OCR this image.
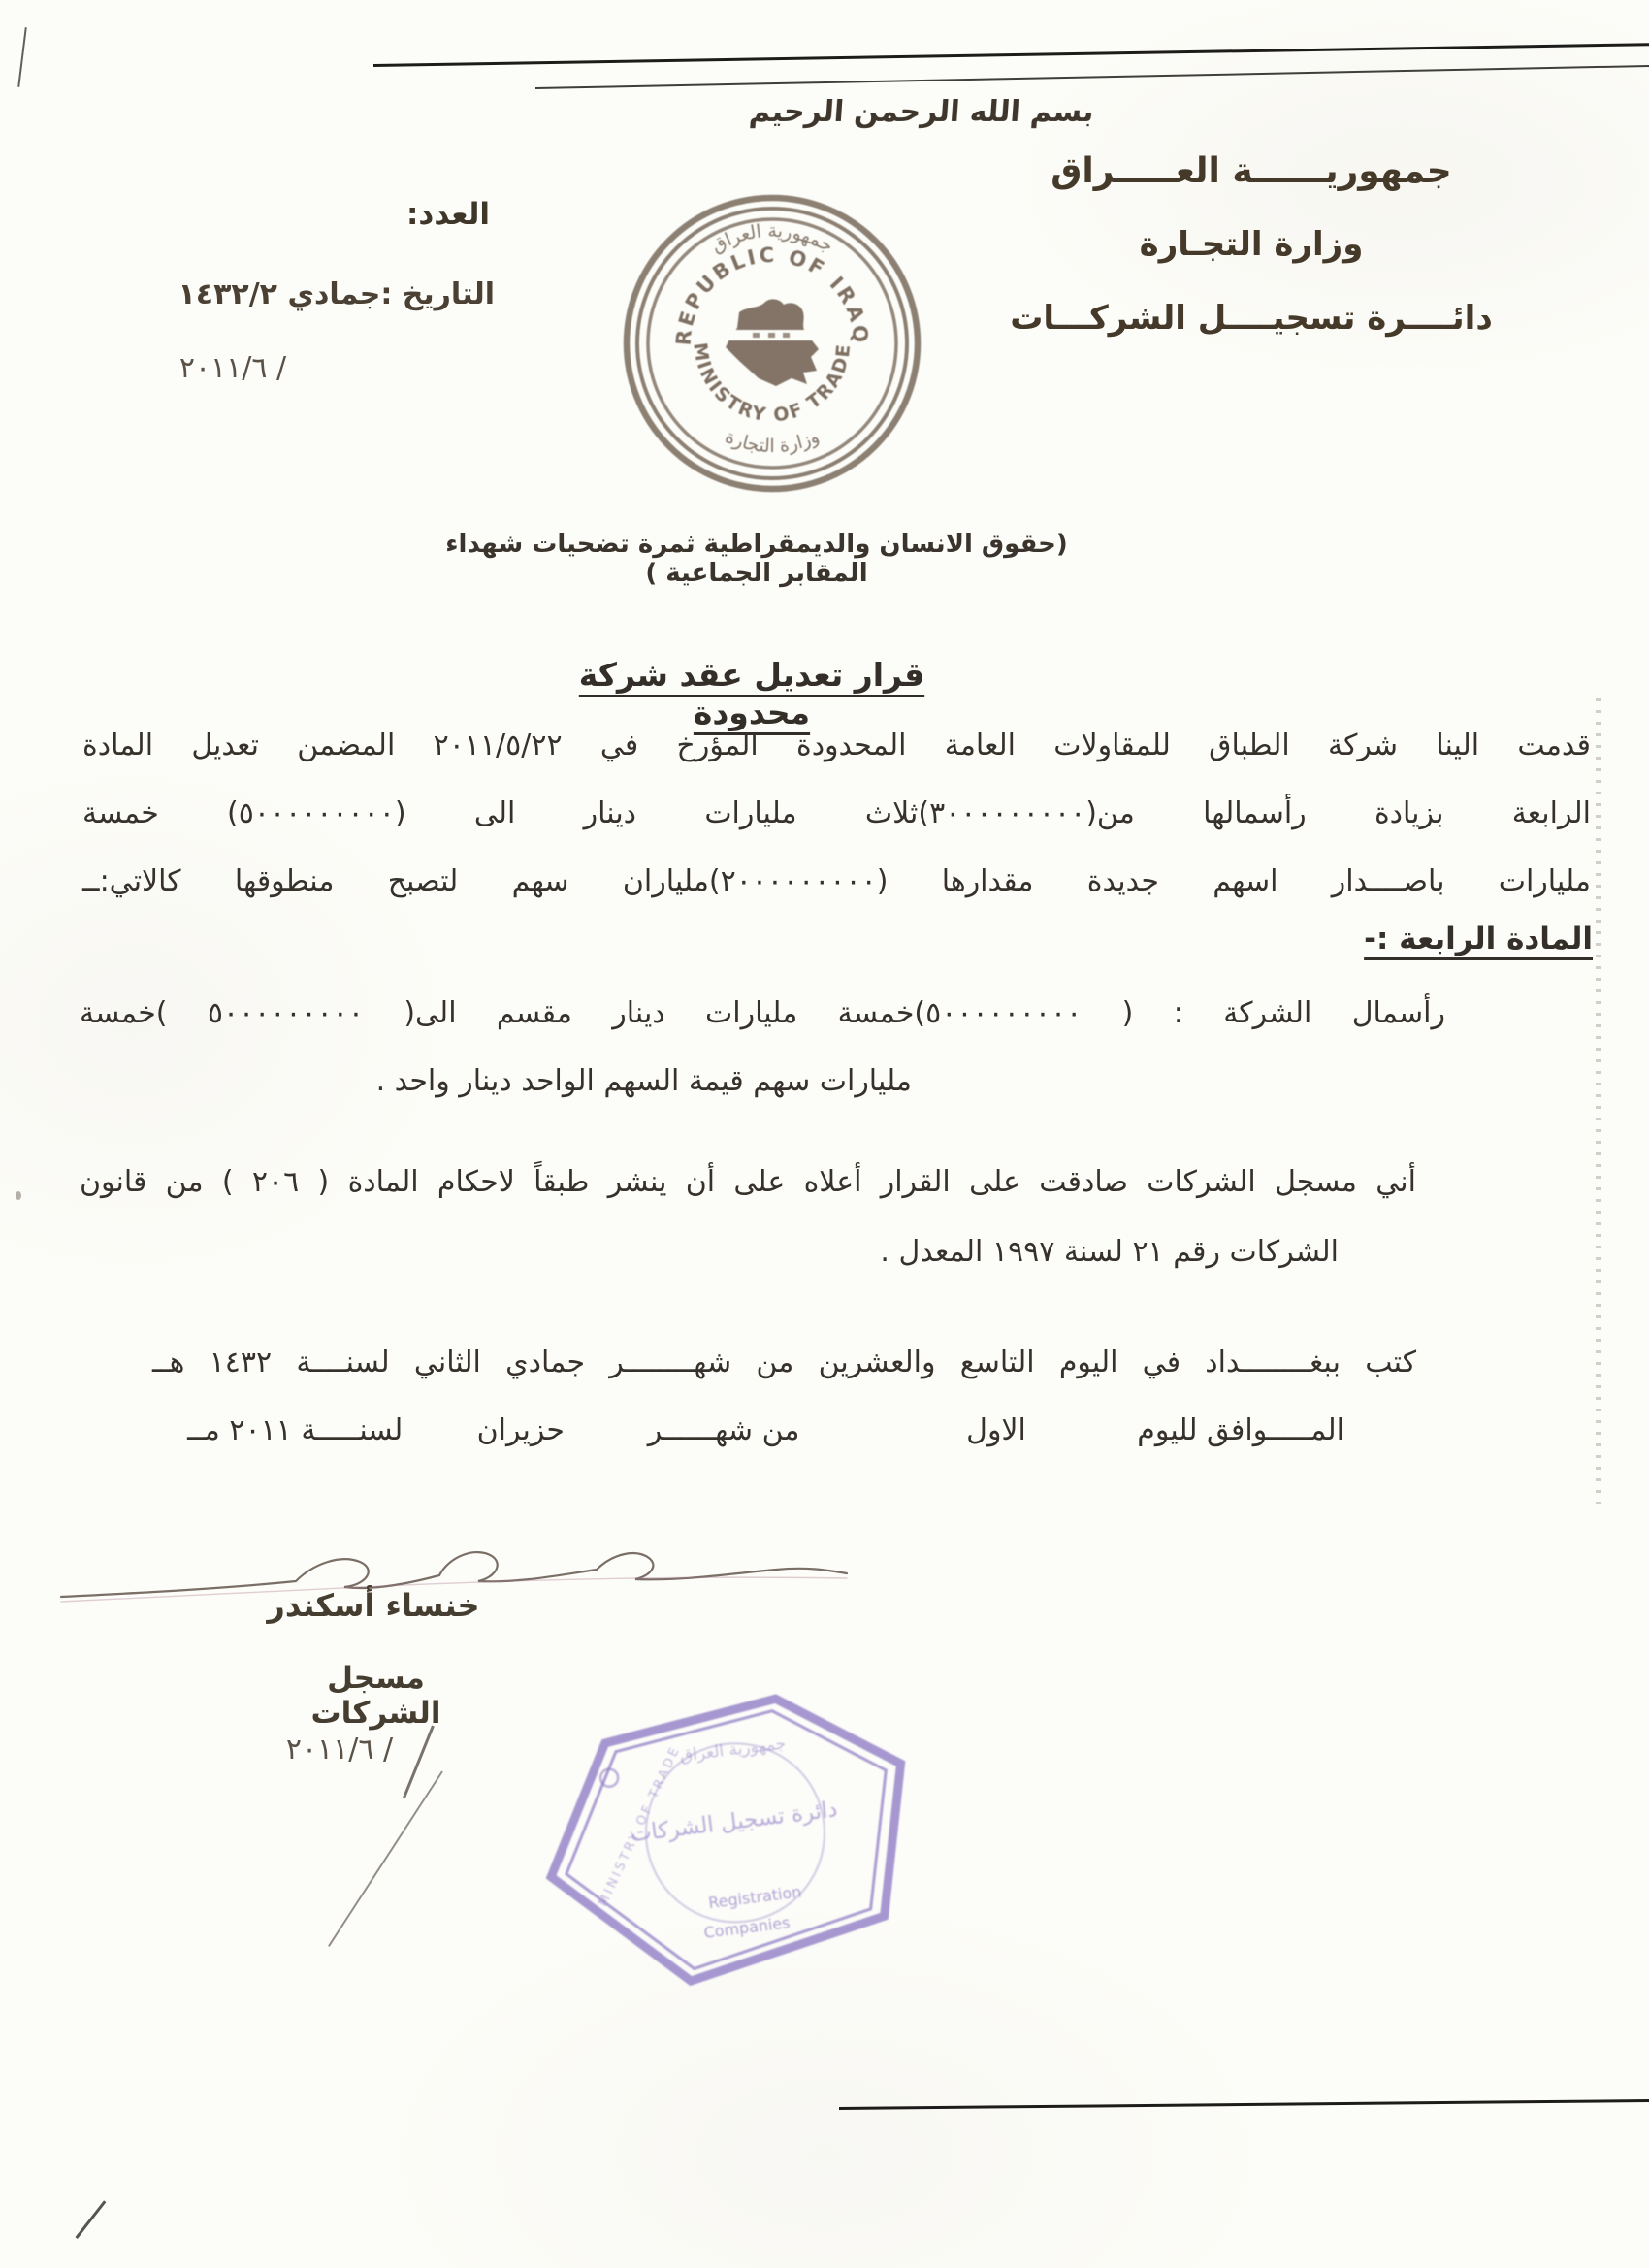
بسم الله الرحمن الرحيم
جمهوريــــــة العـــــراق
وزارة التجـارة
دائــــرة تسجيــــل الشركـــات
العدد:
التاريخ :جمادي ١٤٣٢/٢
٢٠١١/٦ /
جمهورية العراق
REPUBLIC OF IRAQ
MINISTRY OF TRADE
وزارة التجارة
(حقوق الانسان والديمقراطية ثمرة تضحيات شهداء المقابر الجماعية )
قرار تعديل عقد شركة محدودة
قدمت الينا شركة الطباق للمقاولات العامة المحدودة المؤرخ في ٢٠١١/٥/٢٢ المضمن تعديل المادة
الرابعة بزيادة رأسمالها من(٣٠٠٠٠٠٠٠٠٠)ثلاث مليارات دينار الى (٥٠٠٠٠٠٠٠٠٠) خمسة
مليارات باصــــدار اسهم جديدة مقدارها (٢٠٠٠٠٠٠٠٠٠)ملياران سهم لتصبح منطوقها كالاتي:ــ
المادة الرابعة :-
رأسمال الشركة : ( ٥٠٠٠٠٠٠٠٠٠)خمسة مليارات دينار مقسم الى( ٥٠٠٠٠٠٠٠٠٠ )خمسة
مليارات سهم قيمة السهم الواحد دينار واحد .
أني مسجل الشركات صادقت على القرار أعلاه على أن ينشر طبقاً لاحكام المادة ( ٢٠٦ ) من قانون
الشركات رقم ٢١ لسنة ١٩٩٧ المعدل .
كتب ببغــــــــداد في اليوم التاسع والعشرين من شهــــــــر جمادي الثاني لسنــــة ١٤٣٢ هــ
المـــــوافق لليوم            الاول                  من شهــــــر         حزيران        لسنـــــة ٢٠١١ مــ
خنساء أسكندر
مسجل الشركات
٢٠١١/٦ /	جمهورية العراق
دائرة تسجيل الشركات
MINISTRY OF TRADE Registration
Companies
